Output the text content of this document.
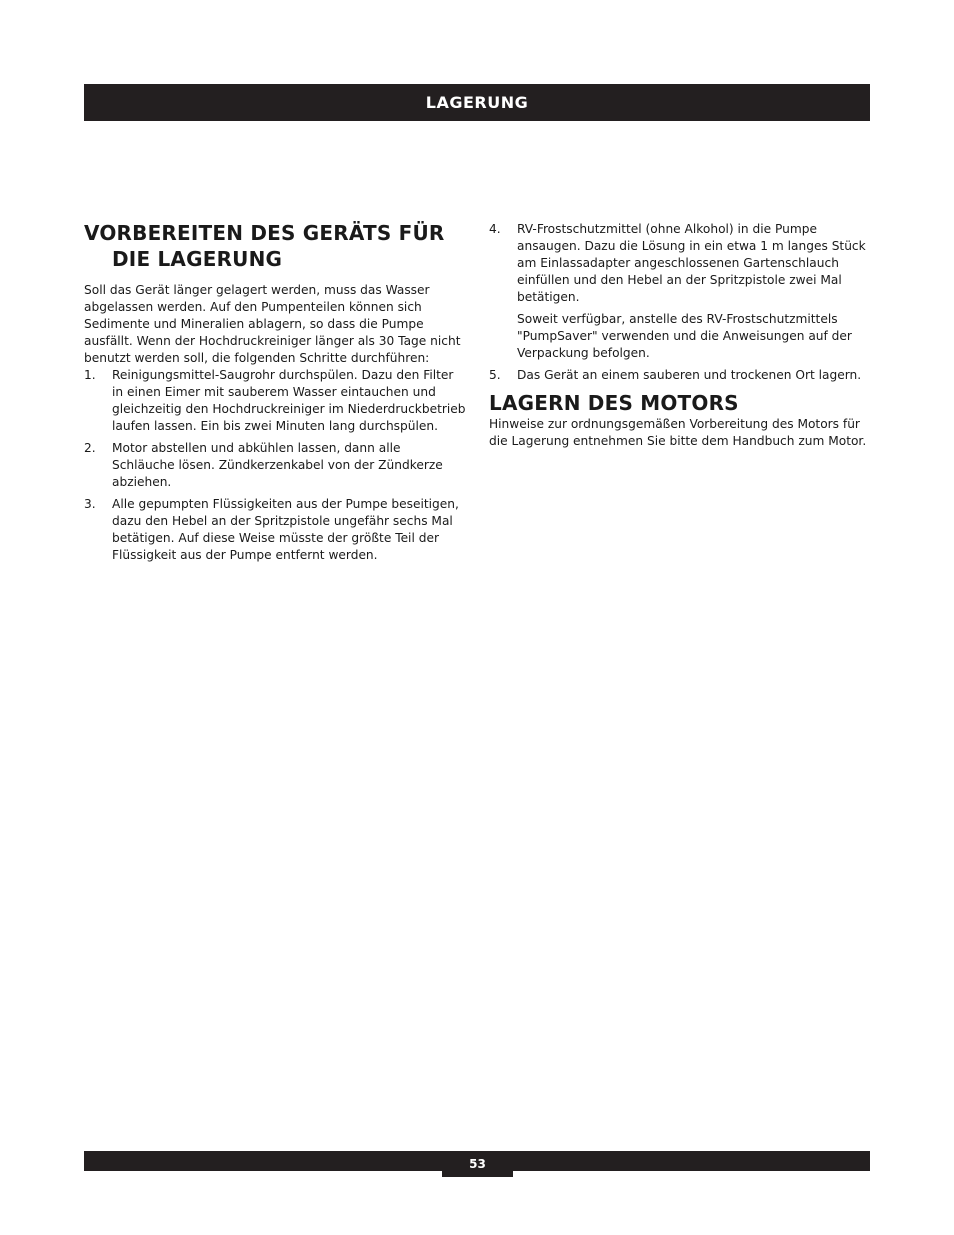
LAGERUNG
VORBEREITEN DES GERÄTS FÜR DIE LAGERUNG

Soll das Gerät länger gelagert werden, muss das Wasser abgelassen werden. Auf den Pumpenteilen können sich Sedimente und Mineralien ablagern, so dass die Pumpe ausfällt. Wenn der Hochdruckreiniger länger als 30 Tage nicht benutzt werden soll, die folgenden Schritte durchführen:

1. Reinigungsmittel-Saugrohr durchspülen. Dazu den Filter in einen Eimer mit sauberem Wasser eintauchen und gleichzeitig den Hochdruckreiniger im Niederdruckbetrieb laufen lassen. Ein bis zwei Minuten lang durchspülen.
2. Motor abstellen und abkühlen lassen, dann alle Schläuche lösen. Zündkerzenkabel von der Zündkerze abziehen.
3. Alle gepumpten Flüssigkeiten aus der Pumpe beseitigen, dazu den Hebel an der Spritzpistole ungefähr sechs Mal betätigen. Auf diese Weise müsste der größte Teil der Flüssigkeit aus der Pumpe entfernt werden.
4. RV-Frostschutzmittel (ohne Alkohol) in die Pumpe ansaugen. Dazu die Lösung in ein etwa 1 m langes Stück am Einlassadapter angeschlossenen Gartenschlauch einfüllen und den Hebel an der Spritzpistole zwei Mal betätigen.

Soweit verfügbar, anstelle des RV-Frostschutzmittels "PumpSaver" verwenden und die Anweisungen auf der Verpackung befolgen.

5. Das Gerät an einem sauberen und trockenen Ort lagern.
LAGERN DES MOTORS

Hinweise zur ordnungsgemäßen Vorbereitung des Motors für die Lagerung entnehmen Sie bitte dem Handbuch zum Motor.

53
